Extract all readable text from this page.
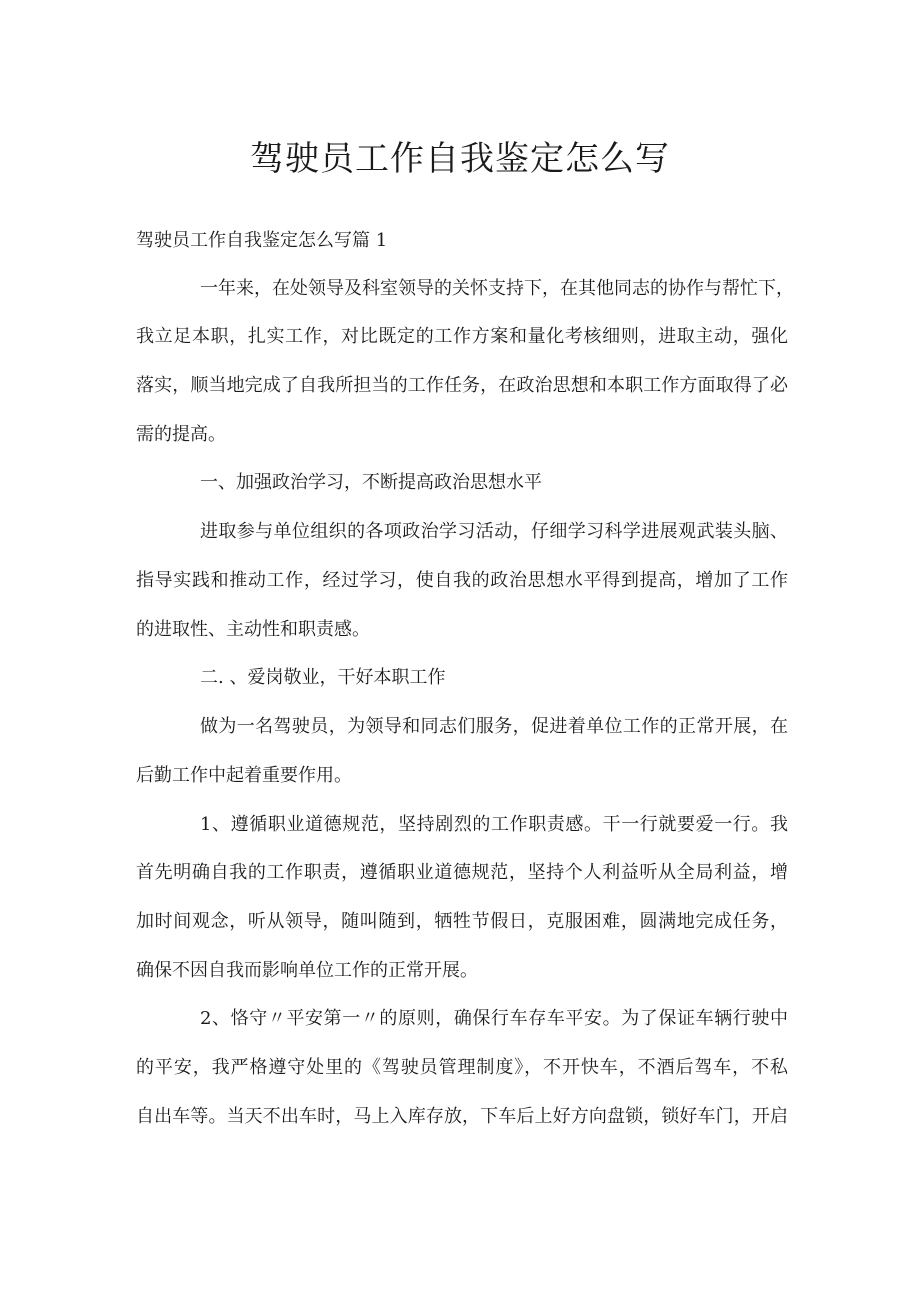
驾驶员工作自我鉴定怎么写

驾驶员工作自我鉴定怎么写篇 1

一年来，在处领导及科室领导的关怀支持下，在其他同志的协作与帮忙下，

我立足本职，扎实工作，对比既定的工作方案和量化考核细则，进取主动，强化

落实，顺当地完成了自我所担当的工作任务，在政治思想和本职工作方面取得了必

需的提高。

一、加强政治学习，不断提高政治思想水平

进取参与单位组织的各项政治学习活动，仔细学习科学进展观武装头脑、

指导实践和推动工作，经过学习，使自我的政治思想水平得到提高，增加了工作

的进取性、主动性和职责感。

二. 、爱岗敬业，干好本职工作

做为一名驾驶员，为领导和同志们服务，促进着单位工作的正常开展，在

后勤工作中起着重要作用。

1、遵循职业道德规范，坚持剧烈的工作职责感。干一行就要爱一行。我

首先明确自我的工作职责，遵循职业道德规范，坚持个人利益听从全局利益，增

加时间观念，听从领导，随叫随到，牺牲节假日，克服困难，圆满地完成任务，

确保不因自我而影响单位工作的正常开展。

2、恪守〃平安第一〃的原则，确保行车存车平安。为了保证车辆行驶中

的平安，我严格遵守处里的《驾驶员管理制度》，不开快车，不酒后驾车，不私

自出车等。当天不出车时，马上入库存放，下车后上好方向盘锁，锁好车门，开启
